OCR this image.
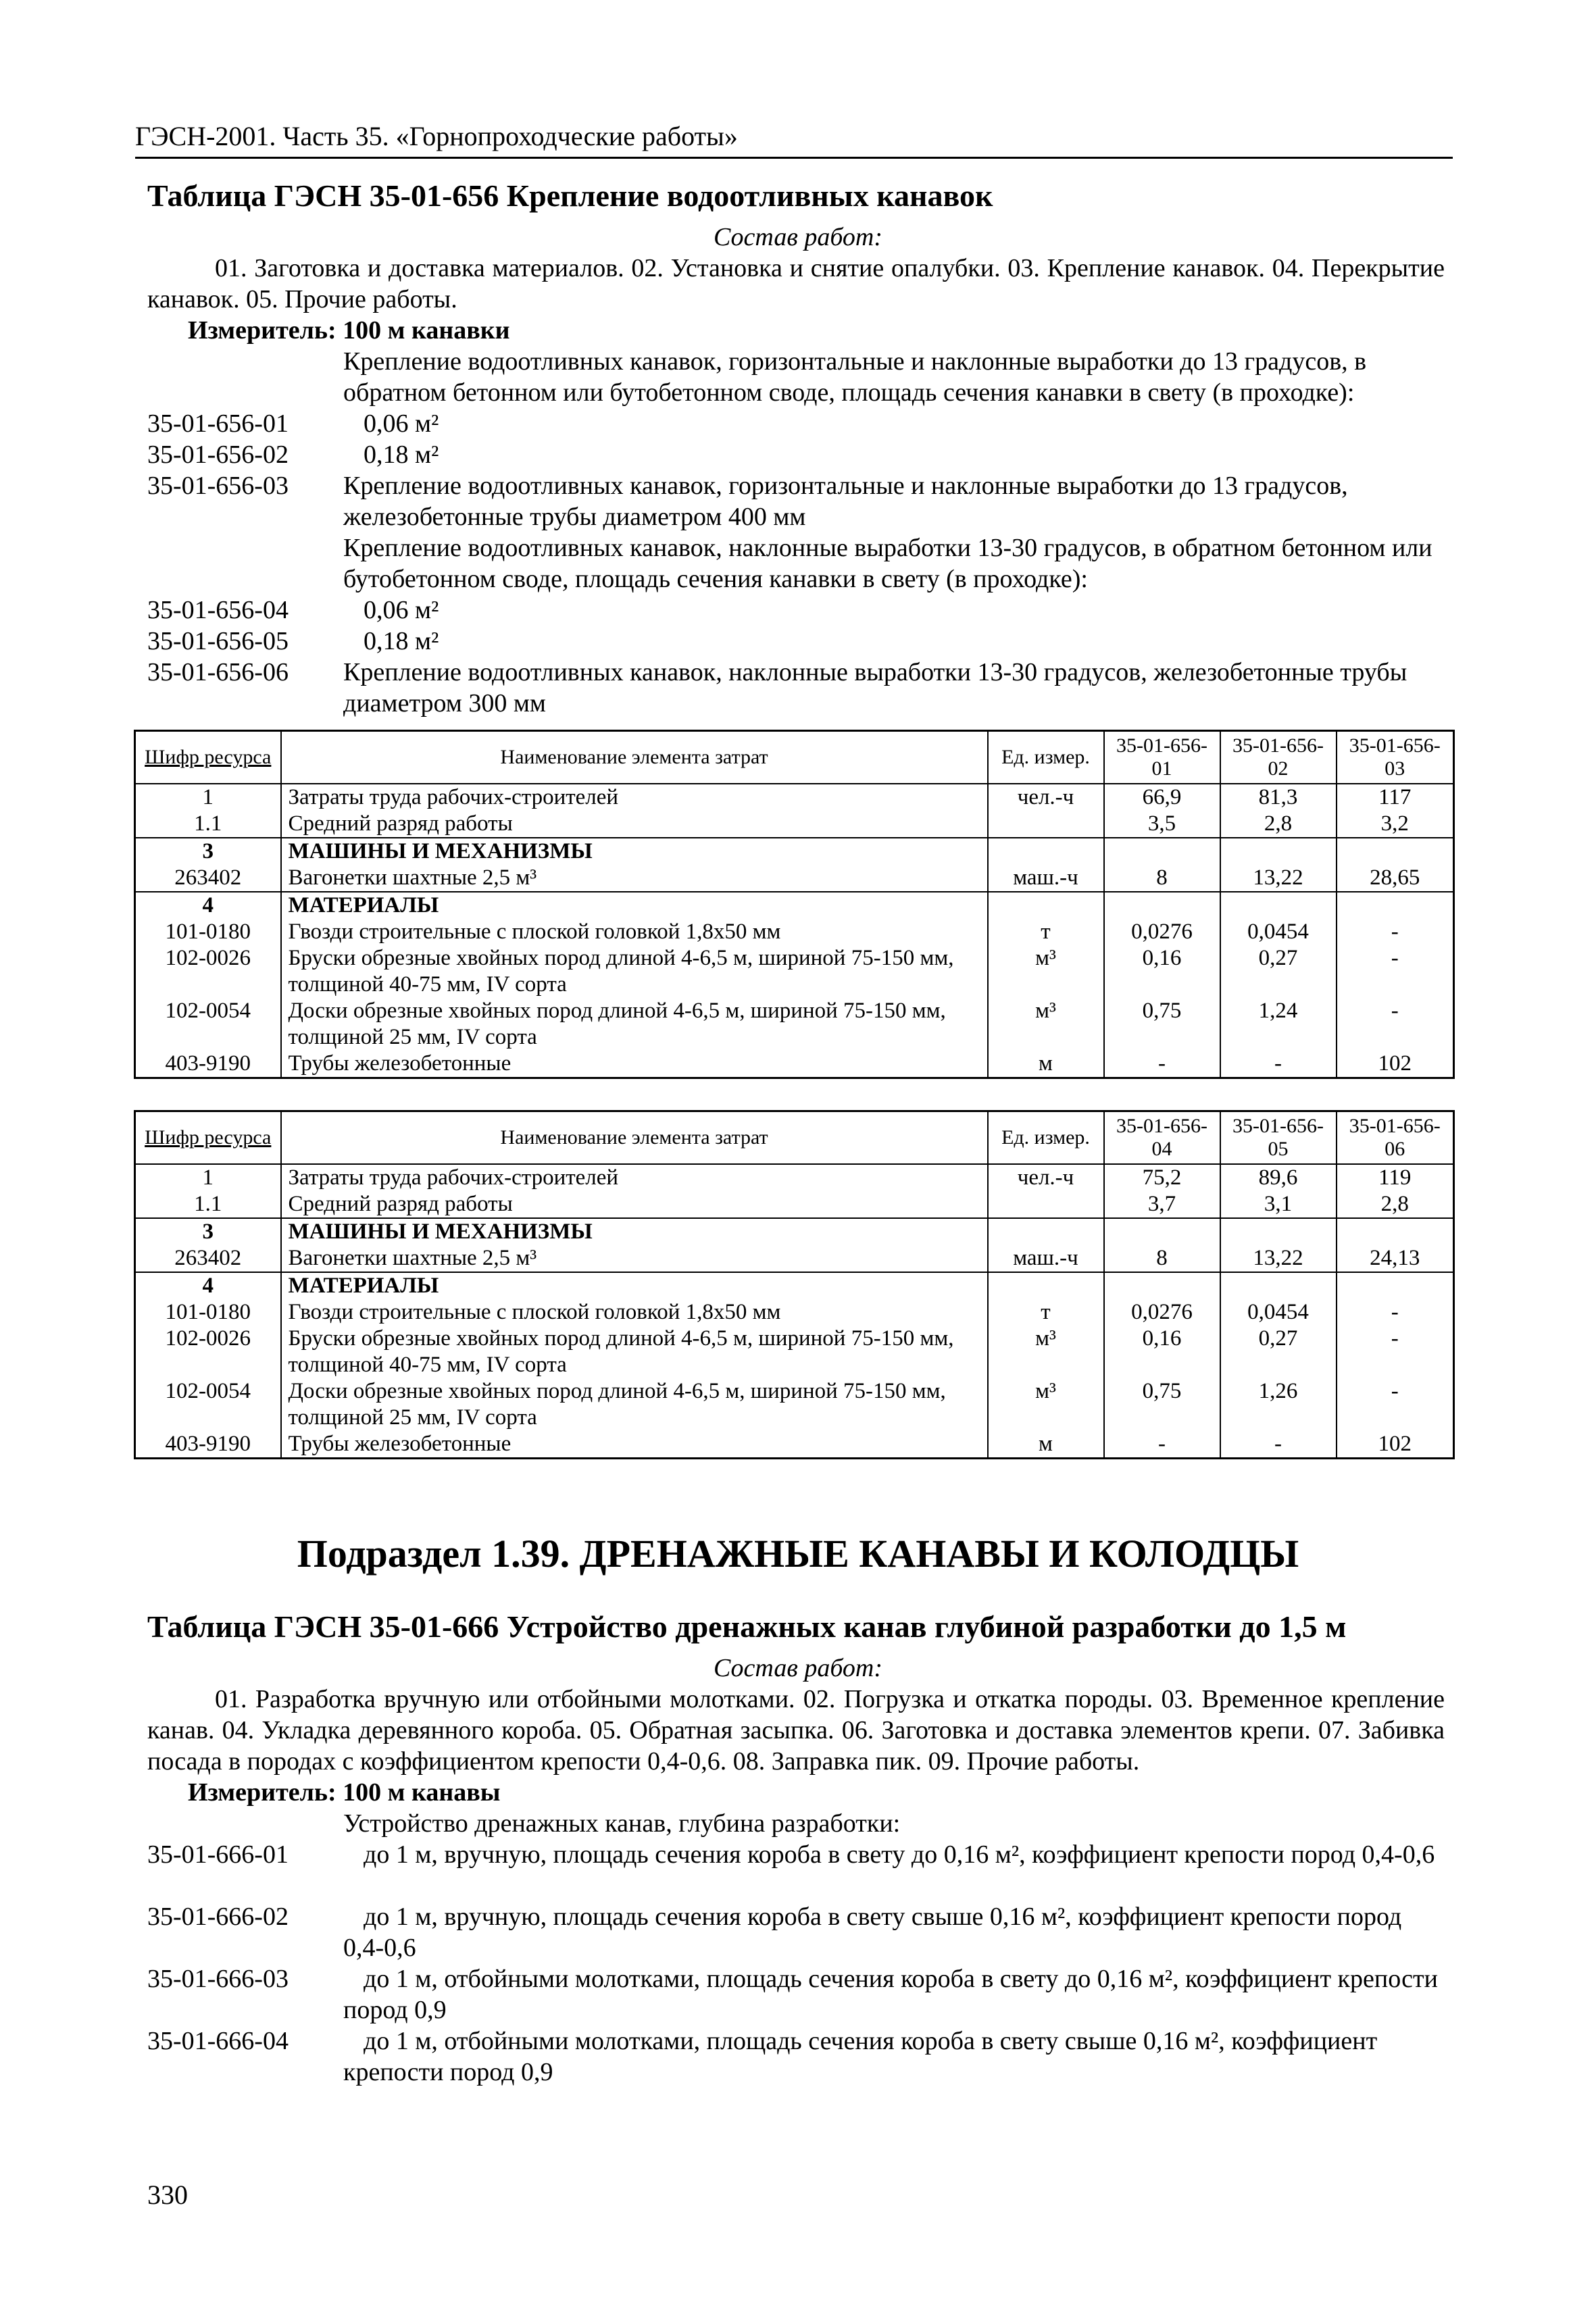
ГЭСН-2001. Часть 35. «Горнопроходческие работы»
Таблица ГЭСН 35-01-656 Крепление водоотливных канавок
Состав работ:
01. Заготовка и доставка материалов. 02. Установка и снятие опалубки. 03. Крепление канавок. 04. Перекрытие канавок. 05. Прочие работы.
Измеритель: 100 м канавки
Крепление водоотливных канавок, горизонтальные и наклонные выработки до 13 градусов, в обратном бетонном или бутобетонном своде, площадь сечения канавки в свету (в проходке):
35-01-656-01	0,06 м²
35-01-656-02	0,18 м²
35-01-656-03	Крепление водоотливных канавок, горизонтальные и наклонные выработки до 13 градусов, железобетонные трубы диаметром 400 мм
Крепление водоотливных канавок, наклонные выработки 13-30 градусов, в обратном бетонном или бутобетонном своде, площадь сечения канавки в свету (в проходке):
35-01-656-04	0,06 м²
35-01-656-05	0,18 м²
35-01-656-06	Крепление водоотливных канавок, наклонные выработки 13-30 градусов, железобетонные трубы диаметром 300 мм
Шифр ресурса	Наименование элемента затрат	Ед. измер.	35-01-656-01	35-01-656-02	35-01-656-03
1	Затраты труда рабочих-строителей	чел.-ч	66,9	81,3	117
1.1	Средний разряд работы		3,5	2,8	3,2
3	МАШИНЫ И МЕХАНИЗМЫ				
263402	Вагонетки шахтные 2,5 м³	маш.-ч	8	13,22	28,65
4	МАТЕРИАЛЫ				
101-0180	Гвозди строительные с плоской головкой 1,8х50 мм	т	0,0276	0,0454	-
102-0026	Бруски обрезные хвойных пород длиной 4-6,5 м, шириной 75-150 мм, толщиной 40-75 мм, IV сорта	м³	0,16	0,27	-
102-0054	Доски обрезные хвойных пород длиной 4-6,5 м, шириной 75-150 мм, толщиной 25 мм, IV сорта	м³	0,75	1,24	-
403-9190	Трубы железобетонные	м	-	-	102
Шифр ресурса	Наименование элемента затрат	Ед. измер.	35-01-656-04	35-01-656-05	35-01-656-06
1	Затраты труда рабочих-строителей	чел.-ч	75,2	89,6	119
1.1	Средний разряд работы		3,7	3,1	2,8
3	МАШИНЫ И МЕХАНИЗМЫ				
263402	Вагонетки шахтные 2,5 м³	маш.-ч	8	13,22	24,13
4	МАТЕРИАЛЫ				
101-0180	Гвозди строительные с плоской головкой 1,8х50 мм	т	0,0276	0,0454	-
102-0026	Бруски обрезные хвойных пород длиной 4-6,5 м, шириной 75-150 мм, толщиной 40-75 мм, IV сорта	м³	0,16	0,27	-
102-0054	Доски обрезные хвойных пород длиной 4-6,5 м, шириной 75-150 мм, толщиной 25 мм, IV сорта	м³	0,75	1,26	-
403-9190	Трубы железобетонные	м	-	-	102
Подраздел 1.39. ДРЕНАЖНЫЕ КАНАВЫ И КОЛОДЦЫ
Таблица ГЭСН 35-01-666 Устройство дренажных канав глубиной разработки до 1,5 м
Состав работ:
01. Разработка вручную или отбойными молотками. 02. Погрузка и откатка породы. 03. Временное крепление канав. 04. Укладка деревянного короба. 05. Обратная засыпка. 06. Заготовка и доставка элементов крепи. 07. Забивка посада в породах с коэффициентом крепости 0,4-0,6. 08. Заправка пик. 09. Прочие работы.
Измеритель: 100 м канавы
Устройство дренажных канав, глубина разработки:
35-01-666-01	до 1 м, вручную, площадь сечения короба в свету до 0,16 м², коэффициент крепости пород 0,4-0,6
35-01-666-02	до 1 м, вручную, площадь сечения короба в свету свыше 0,16 м², коэффициент крепости пород 0,4-0,6
35-01-666-03	до 1 м, отбойными молотками, площадь сечения короба в свету до 0,16 м², коэффициент крепости пород 0,9
35-01-666-04	до 1 м, отбойными молотками, площадь сечения короба в свету свыше 0,16 м², коэффициент крепости пород 0,9
330
